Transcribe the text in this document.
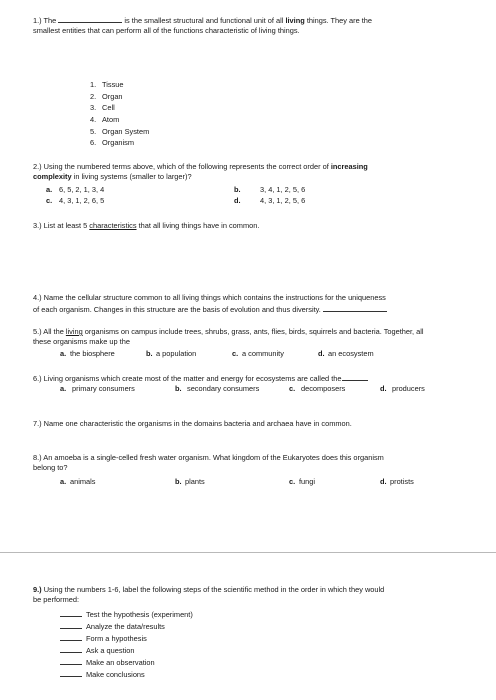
1.) The	is the smallest structural and functional unit of all living things. They are the
smallest entities that can perform all of the functions characteristic of living things.
1. Tissue
2. Organ
3. Cell
4. Atom
5. Organ System
6. Organism
2.) Using the numbered terms above, which of the following represents the correct order of increasing
complexity in living systems (smaller to larger)?
a. 6, 5, 2, 1, 3, 4	b.	3, 4, 1, 2, 5, 6
c. 4, 3, 1, 2, 6, 5	d.	4, 3, 1, 2, 5, 6
3.) List at least 5 characteristics that all living things have in common.
4.) Name the cellular structure common to all living things which contains the instructions for the uniqueness
of each organism. Changes in this structure are the basis of evolution and thus diversity.
5.) All the living organisms on campus include trees, shrubs, grass, ants, flies, birds, squirrels and bacteria. Together, all
these organisms make up the
a. the biosphere	b. a population	c. a community	d. an ecosystem
6.) Living organisms which create most of the matter and energy for ecosystems are called the
a. primary consumers	b. secondary consumers	c. decomposers	d. producers
7.) Name one characteristic the organisms in the domains bacteria and archaea have in common.
8.) An amoeba is a single-celled fresh water organism. What kingdom of the Eukaryotes does this organism
belong to?
a. animals	b. plants	c. fungi	d. protists
9.) Using the numbers 1-6, label the following steps of the scientific method in the order in which they would
be performed:
Test the hypothesis (experiment)
Analyze the data/results
Form a hypothesis
Ask a question
Make an observation
Make conclusions
